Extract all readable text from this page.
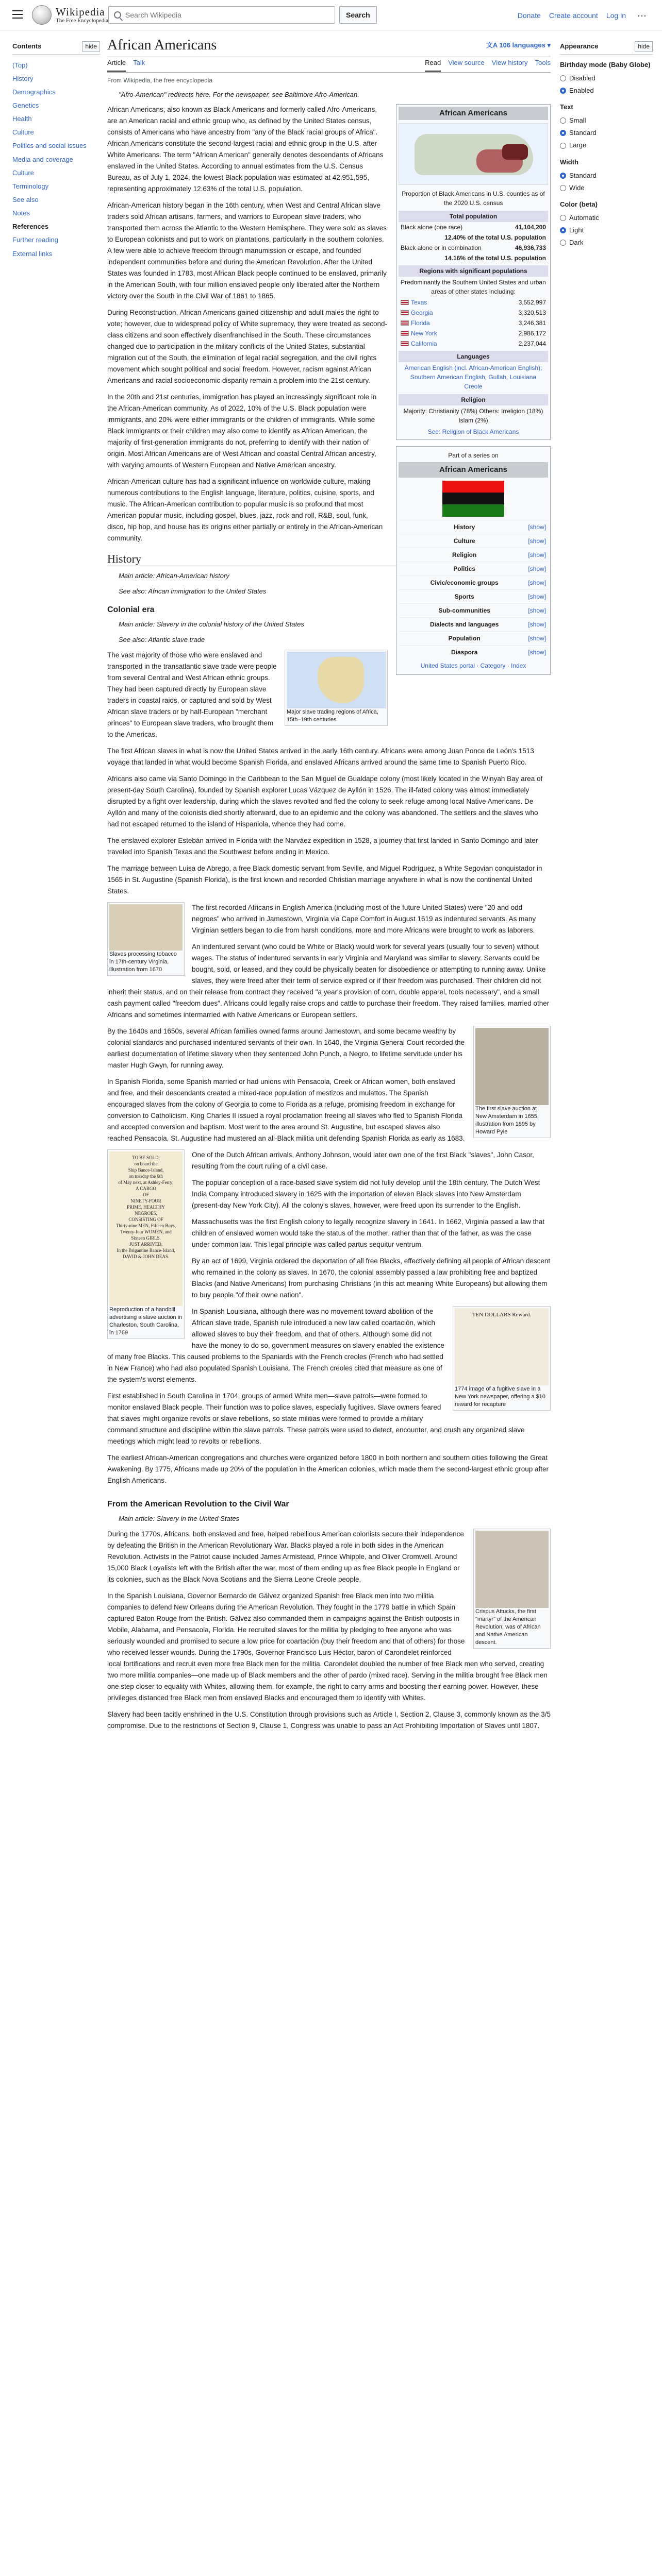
Wikipedia
The Free Encyclopedia
Search Wikipedia
Search	Donate Create account Log in ⋯
Contents	hide
(Top)
History
Demographics
Genetics
Health
Culture
Politics and social issues
Media and coverage
Culture
Terminology
See also
Notes
References
Further reading
External links
African Americans	文A 106 languages ▾
Article Talk	Read View source View history Tools
From Wikipedia, the free encyclopedia
"Afro-American" redirects here. For the newspaper, see Baltimore Afro-American.
African Americans
Proportion of Black Americans in U.S. counties as of the 2020 U.S. census
Total population
Black alone (one race)	41,104,200
12.40% of the total U.S. population
Black alone or in combination	46,936,733
14.16% of the total U.S. population
Regions with significant populations
Predominantly the Southern United States and urban areas of other states including:
Texas	3,552,997
Georgia	3,320,513
Florida	3,246,381
New York	2,986,172
California	2,237,044
Languages
American English (incl. African-American English); Southern American English, Gullah, Louisiana Creole
Religion
Majority: Christianity (78%) Others: Irreligion (18%) Islam (2%)
See: Religion of Black Americans
Part of a series on
African Americans
History	[show]
Culture	[show]
Religion	[show]
Politics	[show]
Civic/economic groups	[show]
Sports	[show]
Sub-communities	[show]
Dialects and languages	[show]
Population	[show]
Diaspora	[show]
United States portal · Category · Index

African Americans, also known as Black Americans and formerly called Afro-Americans, are an American racial and ethnic group who, as defined by the United States census, consists of Americans who have ancestry from "any of the Black racial groups of Africa". African Americans constitute the second-largest racial and ethnic group in the U.S. after White Americans. The term "African American" generally denotes descendants of Africans enslaved in the United States. According to annual estimates from the U.S. Census Bureau, as of July 1, 2024, the lowest Black population was estimated at 42,951,595, representing approximately 12.63% of the total U.S. population.

African-American history began in the 16th century, when West and Central African slave traders sold African artisans, farmers, and warriors to European slave traders, who transported them across the Atlantic to the Western Hemisphere. They were sold as slaves to European colonists and put to work on plantations, particularly in the southern colonies. A few were able to achieve freedom through manumission or escape, and founded independent communities before and during the American Revolution. After the United States was founded in 1783, most African Black people continued to be enslaved, primarily in the American South, with four million enslaved people only liberated after the Northern victory over the South in the Civil War of 1861 to 1865.

During Reconstruction, African Americans gained citizenship and adult males the right to vote; however, due to widespread policy of White supremacy, they were treated as second-class citizens and soon effectively disenfranchised in the South. These circumstances changed due to participation in the military conflicts of the United States, substantial migration out of the South, the elimination of legal racial segregation, and the civil rights movement which sought political and social freedom. However, racism against African Americans and racial socioeconomic disparity remain a problem into the 21st century.

In the 20th and 21st centuries, immigration has played an increasingly significant role in the African-American community. As of 2022, 10% of the U.S. Black population were immigrants, and 20% were either immigrants or the children of immigrants. While some Black immigrants or their children may also come to identify as African American, the majority of first-generation immigrants do not, preferring to identify with their nation of origin. Most African Americans are of West African and coastal Central African ancestry, with varying amounts of Western European and Native American ancestry.

African-American culture has had a significant influence on worldwide culture, making numerous contributions to the English language, literature, politics, cuisine, sports, and music. The African-American contribution to popular music is so profound that most American popular music, including gospel, blues, jazz, rock and roll, R&B, soul, funk, disco, hip hop, and house has its origins either partially or entirely in the African-American community.

History
Main article: African-American history
See also: African immigration to the United States
Colonial era
Main article: Slavery in the colonial history of the United States
See also: Atlantic slave trade
Major slave trading regions of Africa, 15th–19th centuries

The vast majority of those who were enslaved and transported in the transatlantic slave trade were people from several Central and West African ethnic groups. They had been captured directly by European slave traders in coastal raids, or captured and sold by West African slave traders or by half-European "merchant princes" to European slave traders, who brought them to the Americas.

The first African slaves in what is now the United States arrived in the early 16th century. Africans were among Juan Ponce de León's 1513 voyage that landed in what would become Spanish Florida, and enslaved Africans arrived around the same time to Spanish Puerto Rico.

Africans also came via Santo Domingo in the Caribbean to the San Miguel de Gualdape colony (most likely located in the Winyah Bay area of present-day South Carolina), founded by Spanish explorer Lucas Vázquez de Ayllón in 1526. The ill-fated colony was almost immediately disrupted by a fight over leadership, during which the slaves revolted and fled the colony to seek refuge among local Native Americans. De Ayllón and many of the colonists died shortly afterward, due to an epidemic and the colony was abandoned. The settlers and the slaves who had not escaped returned to the island of Hispaniola, whence they had come.

The enslaved explorer Estebán arrived in Florida with the Narváez expedition in 1528, a journey that first landed in Santo Domingo and later traveled into Spanish Texas and the Southwest before ending in Mexico.

The marriage between Luisa de Abrego, a free Black domestic servant from Seville, and Miguel Rodríguez, a White Segovian conquistador in 1565 in St. Augustine (Spanish Florida), is the first known and recorded Christian marriage anywhere in what is now the continental United States.

Slaves processing tobacco in 17th-century Virginia, illustration from 1670

The first recorded Africans in English America (including most of the future United States) were "20 and odd negroes" who arrived in Jamestown, Virginia via Cape Comfort in August 1619 as indentured servants. As many Virginian settlers began to die from harsh conditions, more and more Africans were brought to work as laborers.

An indentured servant (who could be White or Black) would work for several years (usually four to seven) without wages. The status of indentured servants in early Virginia and Maryland was similar to slavery. Servants could be bought, sold, or leased, and they could be physically beaten for disobedience or attempting to running away. Unlike slaves, they were freed after their term of service expired or if their freedom was purchased. Their children did not inherit their status, and on their release from contract they received "a year's provision of corn, double apparel, tools necessary", and a small cash payment called "freedom dues". Africans could legally raise crops and cattle to purchase their freedom. They raised families, married other Africans and sometimes intermarried with Native Americans or European settlers.

The first slave auction at New Amsterdam in 1655, illustration from 1895 by Howard Pyle

By the 1640s and 1650s, several African families owned farms around Jamestown, and some became wealthy by colonial standards and purchased indentured servants of their own. In 1640, the Virginia General Court recorded the earliest documentation of lifetime slavery when they sentenced John Punch, a Negro, to lifetime servitude under his master Hugh Gwyn, for running away.

In Spanish Florida, some Spanish married or had unions with Pensacola, Creek or African women, both enslaved and free, and their descendants created a mixed-race population of mestizos and mulattos. The Spanish encouraged slaves from the colony of Georgia to come to Florida as a refuge, promising freedom in exchange for conversion to Catholicism. King Charles II issued a royal proclamation freeing all slaves who fled to Spanish Florida and accepted conversion and baptism. Most went to the area around St. Augustine, but escaped slaves also reached Pensacola. St. Augustine had mustered an all-Black militia unit defending Spanish Florida as early as 1683.

TO BE SOLD,
on board the
Ship Bance-Island,
on tuesday the 6th
of May next, at Ashley-Ferry;
A CARGO
OF
NINETY-FOUR
PRIME, HEALTHY
NEGROES,
CONSISTING OF
Thirty-nine MEN, Fifteen Boys,
Twenty-four WOMEN, and
Sixteen GIRLS.
JUST ARRIVED,
In the Brigantine Bance-Island,
DAVID & JOHN DEAS.
Reproduction of a handbill advertising a slave auction in Charleston, South Carolina, in 1769

One of the Dutch African arrivals, Anthony Johnson, would later own one of the first Black "slaves", John Casor, resulting from the court ruling of a civil case.

The popular conception of a race-based slave system did not fully develop until the 18th century. The Dutch West India Company introduced slavery in 1625 with the importation of eleven Black slaves into New Amsterdam (present-day New York City). All the colony's slaves, however, were freed upon its surrender to the English.

Massachusetts was the first English colony to legally recognize slavery in 1641. In 1662, Virginia passed a law that children of enslaved women would take the status of the mother, rather than that of the father, as was the case under common law. This legal principle was called partus sequitur ventrum.

By an act of 1699, Virginia ordered the deportation of all free Blacks, effectively defining all people of African descent who remained in the colony as slaves. In 1670, the colonial assembly passed a law prohibiting free and baptized Blacks (and Native Americans) from purchasing Christians (in this act meaning White Europeans) but allowing them to buy people "of their owne nation".

TEN DOLLARS Reward.
1774 image of a fugitive slave in a New York newspaper, offering a $10 reward for recapture

In Spanish Louisiana, although there was no movement toward abolition of the African slave trade, Spanish rule introduced a new law called coartación, which allowed slaves to buy their freedom, and that of others. Although some did not have the money to do so, government measures on slavery enabled the existence of many free Blacks. This caused problems to the Spaniards with the French creoles (French who had settled in New France) who had also populated Spanish Louisiana. The French creoles cited that measure as one of the system's worst elements.

First established in South Carolina in 1704, groups of armed White men—slave patrols—were formed to monitor enslaved Black people. Their function was to police slaves, especially fugitives. Slave owners feared that slaves might organize revolts or slave rebellions, so state militias were formed to provide a military command structure and discipline within the slave patrols. These patrols were used to detect, encounter, and crush any organized slave meetings which might lead to revolts or rebellions.

The earliest African-American congregations and churches were organized before 1800 in both northern and southern cities following the Great Awakening. By 1775, Africans made up 20% of the population in the American colonies, which made them the second-largest ethnic group after English Americans.

From the American Revolution to the Civil War
Main article: Slavery in the United States
Crispus Attucks, the first "martyr" of the American Revolution, was of African and Native American descent.

During the 1770s, Africans, both enslaved and free, helped rebellious American colonists secure their independence by defeating the British in the American Revolutionary War. Blacks played a role in both sides in the American Revolution. Activists in the Patriot cause included James Armistead, Prince Whipple, and Oliver Cromwell. Around 15,000 Black Loyalists left with the British after the war, most of them ending up as free Black people in England or its colonies, such as the Black Nova Scotians and the Sierra Leone Creole people.

In the Spanish Louisiana, Governor Bernardo de Gálvez organized Spanish free Black men into two militia companies to defend New Orleans during the American Revolution. They fought in the 1779 battle in which Spain captured Baton Rouge from the British. Gálvez also commanded them in campaigns against the British outposts in Mobile, Alabama, and Pensacola, Florida. He recruited slaves for the militia by pledging to free anyone who was seriously wounded and promised to secure a low price for coartación (buy their freedom and that of others) for those who received lesser wounds. During the 1790s, Governor Francisco Luis Héctor, baron of Carondelet reinforced local fortifications and recruit even more free Black men for the militia. Carondelet doubled the number of free Black men who served, creating two more militia companies—one made up of Black members and the other of pardo (mixed race). Serving in the militia brought free Black men one step closer to equality with Whites, allowing them, for example, the right to carry arms and boosting their earning power. However, these privileges distanced free Black men from enslaved Blacks and encouraged them to identify with Whites.

Slavery had been tacitly enshrined in the U.S. Constitution through provisions such as Article I, Section 2, Clause 3, commonly known as the 3/5 compromise. Due to the restrictions of Section 9, Clause 1, Congress was unable to pass an Act Prohibiting Importation of Slaves until 1807.

Appearance	hide
Birthday mode (Baby Globe)
Disabled
Enabled
Text
Small
Standard
Large
Width
Standard
Wide
Color (beta)
Automatic
Light
Dark
